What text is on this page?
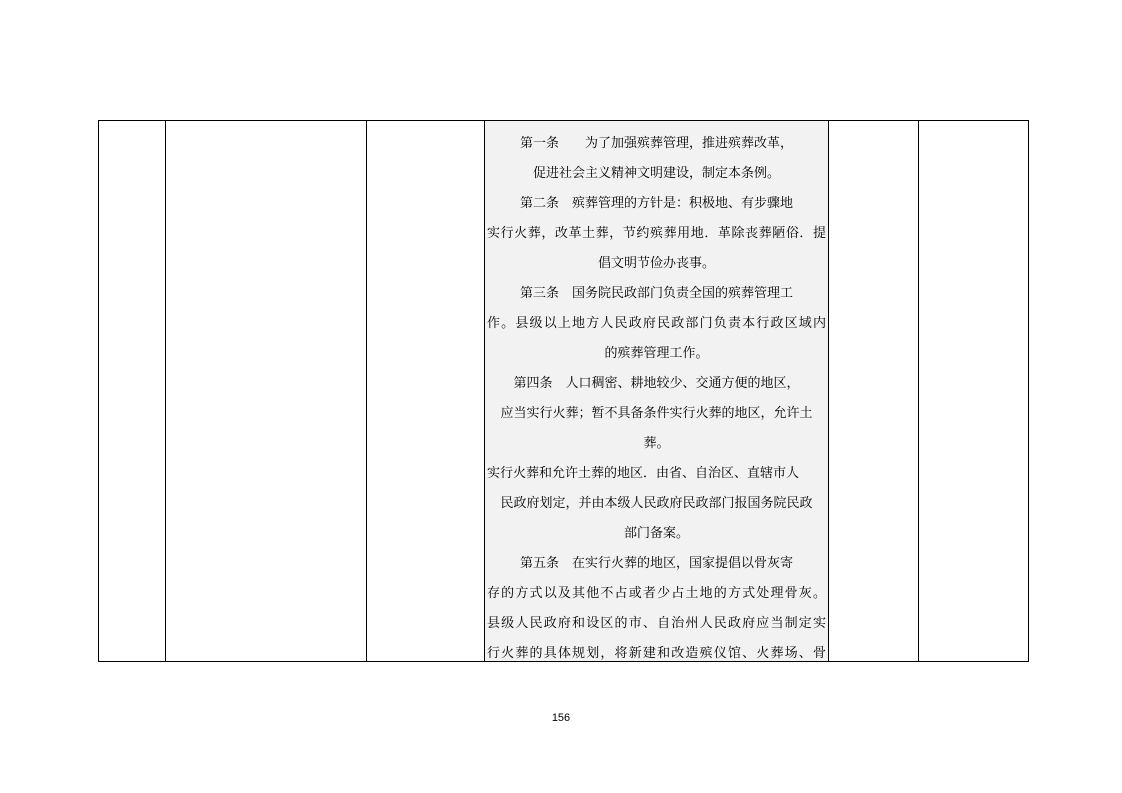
第一条　　为了加强殡葬管理，推进殡葬改革，
促进社会主义精神文明建设，制定本条例。
第二条　殡葬管理的方针是：积极地、有步骤地
实行火葬，改革土葬，节约殡葬用地．革除丧葬陋俗．提
倡文明节俭办丧事。
第三条　国务院民政部门负责全国的殡葬管理工
作。县级以上地方人民政府民政部门负责本行政区域内
的殡葬管理工作。
第四条　人口稠密、耕地较少、交通方便的地区，
应当实行火葬；暂不具备条件实行火葬的地区，允许土
葬。
实行火葬和允许土葬的地区．由省、自治区、直辖市人
民政府划定，并由本级人民政府民政部门报国务院民政
部门备案。
第五条　在实行火葬的地区，国家提倡以骨灰寄
存的方式以及其他不占或者少占土地的方式处理骨灰。
县级人民政府和设区的市、自治州人民政府应当制定实
行火葬的具体规划，将新建和改造殡仪馆、火葬场、骨

156
